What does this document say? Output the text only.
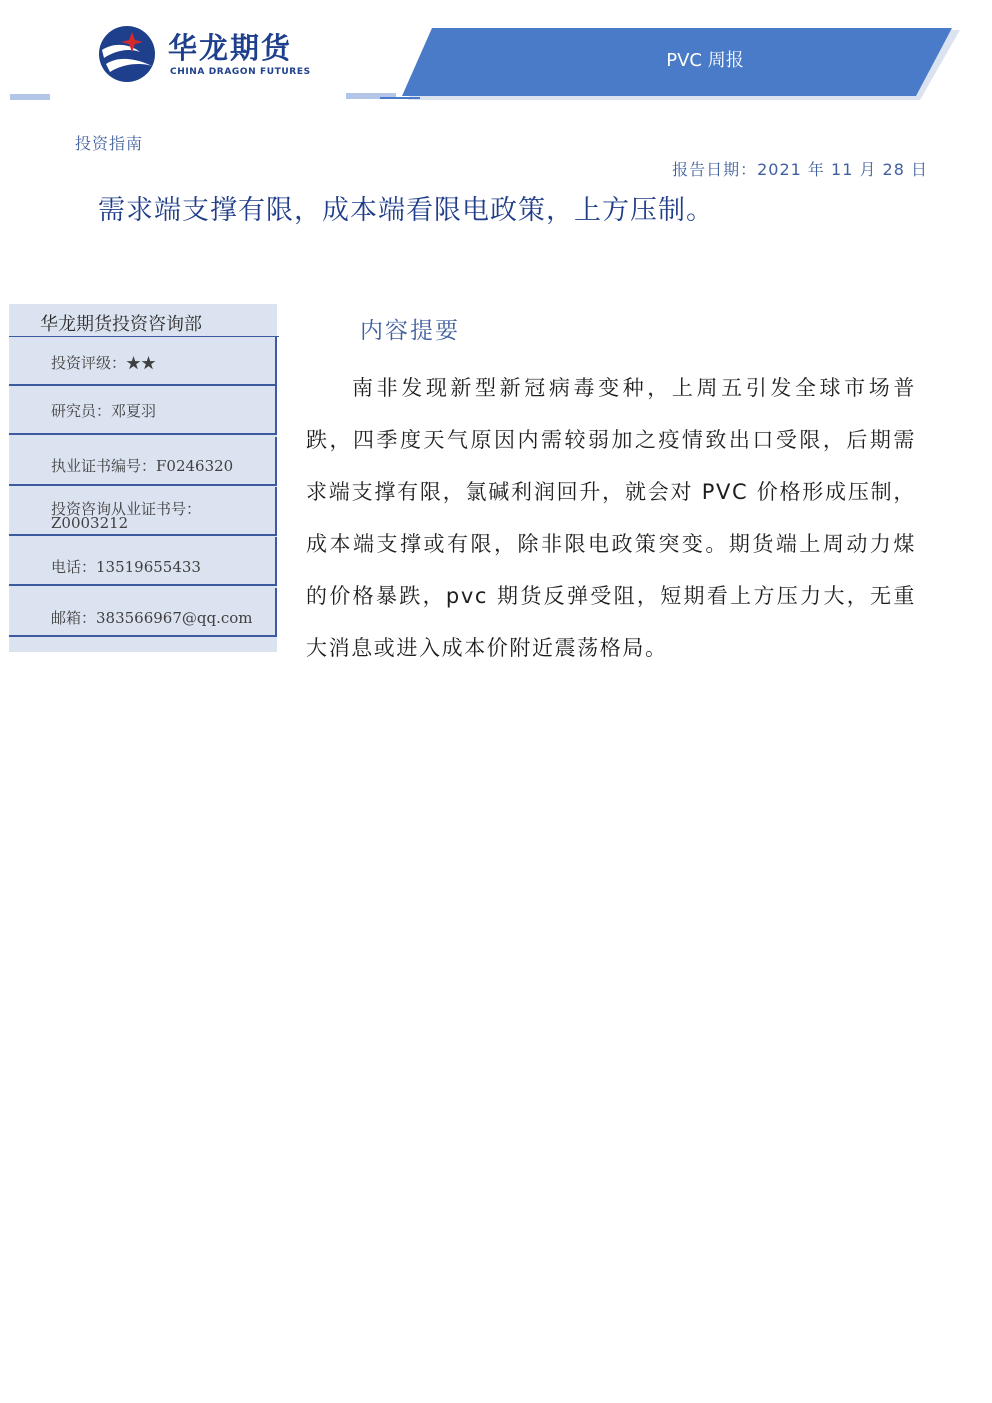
华龙期货
CHINA DRAGON FUTURES
PVC 周报
投资指南
报告日期：2021 年 11 月 28 日
需求端支撑有限，成本端看限电政策，上方压制。
华龙期货投资咨询部
投资评级：★★
研究员：邓夏羽
执业证书编号：F0246320
投资咨询从业证书号：
Z0003212
电话：13519655433
邮箱：383566967@qq.com
内容提要

南非发现新型新冠病毒变种，上周五引发全球市场普跌，四季度天气原因内需较弱加之疫情致出口受限，后期需求端支撑有限，氯碱利润回升，就会对 PVC 价格形成压制，成本端支撑或有限，除非限电政策突变。期货端上周动力煤的价格暴跌，pvc 期货反弹受阻，短期看上方压力大，无重大消息或进入成本价附近震荡格局。
